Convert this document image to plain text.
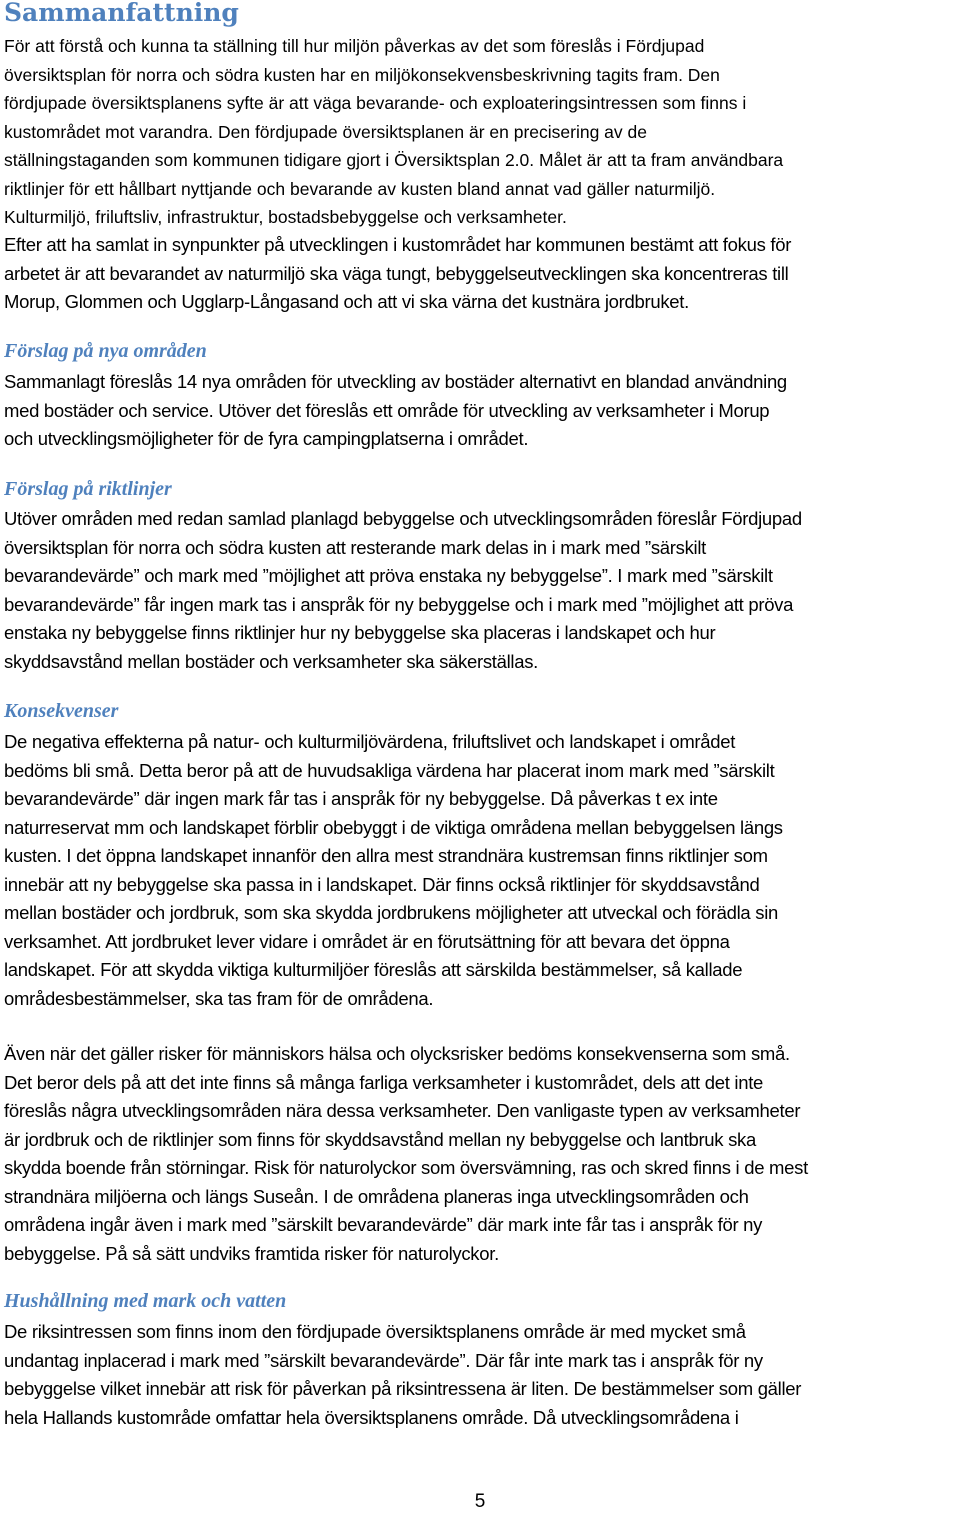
Sammanfattning
För att förstå och kunna ta ställning till hur miljön påverkas av det som föreslås i Fördjupad
översiktsplan för norra och södra kusten har en miljökonsekvensbeskrivning tagits fram. Den
fördjupade översiktsplanens syfte är att väga bevarande- och exploateringsintressen som finns i
kustområdet mot varandra. Den fördjupade översiktsplanen är en precisering av de
ställningstaganden som kommunen tidigare gjort i Översiktsplan 2.0. Målet är att ta fram användbara
riktlinjer för ett hållbart nyttjande och bevarande av kusten bland annat vad gäller naturmiljö.
Kulturmiljö, friluftsliv, infrastruktur, bostadsbebyggelse och verksamheter.
Efter att ha samlat in synpunkter på utvecklingen i kustområdet har kommunen bestämt att fokus för
arbetet är att bevarandet av naturmiljö ska väga tungt, bebyggelseutvecklingen ska koncentreras till
Morup, Glommen och Ugglarp-Långasand och att vi ska värna det kustnära jordbruket.
Förslag på nya områden
Sammanlagt föreslås 14 nya områden för utveckling av bostäder alternativt en blandad användning
med bostäder och service. Utöver det föreslås ett område för utveckling av verksamheter i Morup
och utvecklingsmöjligheter för de fyra campingplatserna i området.
Förslag på riktlinjer
Utöver områden med redan samlad planlagd bebyggelse och utvecklingsområden föreslår Fördjupad
översiktsplan för norra och södra kusten att resterande mark delas in i mark med ”särskilt
bevarandevärde” och mark med ”möjlighet att pröva enstaka ny bebyggelse”. I mark med ”särskilt
bevarandevärde” får ingen mark tas i anspråk för ny bebyggelse och i mark med ”möjlighet att pröva
enstaka ny bebyggelse finns riktlinjer hur ny bebyggelse ska placeras i landskapet och hur
skyddsavstånd mellan bostäder och verksamheter ska säkerställas.
Konsekvenser
De negativa effekterna på natur- och kulturmiljövärdena, friluftslivet och landskapet i området
bedöms bli små. Detta beror på att de huvudsakliga värdena har placerat inom mark med ”särskilt
bevarandevärde” där ingen mark får tas i anspråk för ny bebyggelse. Då påverkas t ex inte
naturreservat mm och landskapet förblir obebyggt i de viktiga områdena mellan bebyggelsen längs
kusten. I det öppna landskapet innanför den allra mest strandnära kustremsan finns riktlinjer som
innebär att ny bebyggelse ska passa in i landskapet. Där finns också riktlinjer för skyddsavstånd
mellan bostäder och jordbruk, som ska skydda jordbrukens möjligheter att utveckal och förädla sin
verksamhet. Att jordbruket lever vidare i området är en förutsättning för att bevara det öppna
landskapet. För att skydda viktiga kulturmiljöer föreslås att särskilda bestämmelser, så kallade
områdesbestämmelser, ska tas fram för de områdena.
Även när det gäller risker för människors hälsa och olycksrisker bedöms konsekvenserna som små.
Det beror dels på att det inte finns så många farliga verksamheter i kustområdet, dels att det inte
föreslås några utvecklingsområden nära dessa verksamheter. Den vanligaste typen av verksamheter
är jordbruk och de riktlinjer som finns för skyddsavstånd mellan ny bebyggelse och lantbruk ska
skydda boende från störningar. Risk för naturolyckor som översvämning, ras och skred finns i de mest
strandnära miljöerna och längs Suseån. I de områdena planeras inga utvecklingsområden och
områdena ingår även i mark med ”särskilt bevarandevärde” där mark inte får tas i anspråk för ny
bebyggelse. På så sätt undviks framtida risker för naturolyckor.
Hushållning med mark och vatten
De riksintressen som finns inom den fördjupade översiktsplanens område är med mycket små
undantag inplacerad i mark med ”särskilt bevarandevärde”. Där får inte mark tas i anspråk för ny
bebyggelse vilket innebär att risk för påverkan på riksintressena är liten. De bestämmelser som gäller
hela Hallands kustområde omfattar hela översiktsplanens område. Då utvecklingsområdena i

5
